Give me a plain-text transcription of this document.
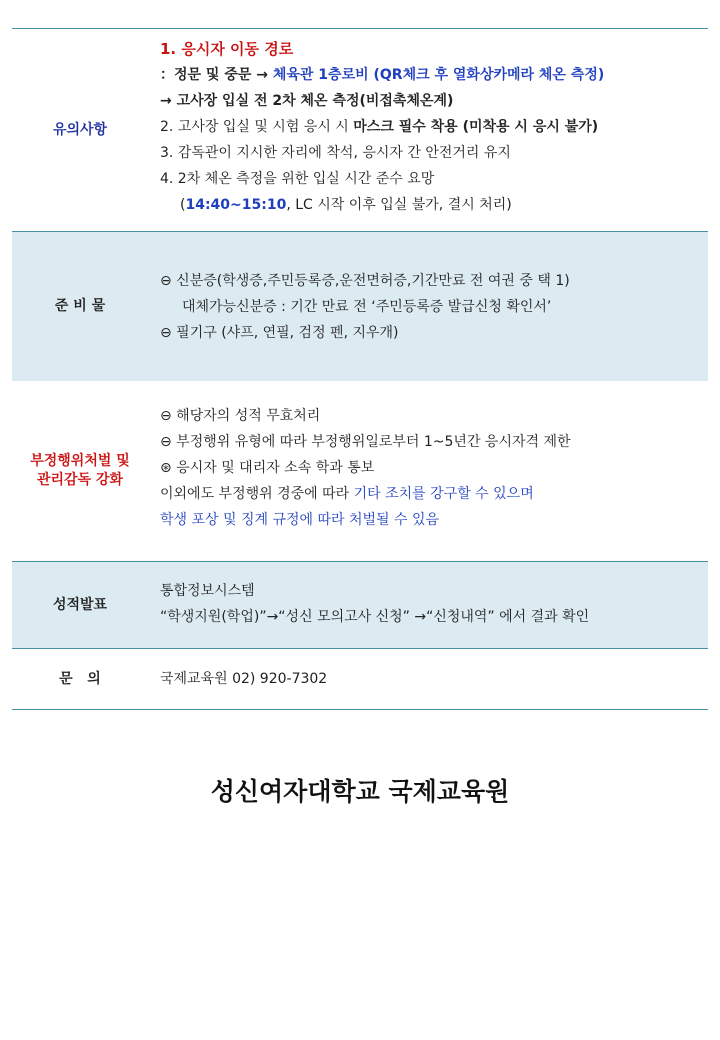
유의사항
1. 응시자 이동 경로
：정문 및 중문 → 체육관 1층로비 (QR체크 후 열화상카메라 체온 측정)
→ 고사장 입실 전 2차 체온 측정(비접촉체온계)
2. 고사장 입실 및 시험 응시 시 마스크 필수 착용 (미착용 시 응시 불가)
3. 감독관이 지시한 자리에 착석, 응시자 간 안전거리 유지
4. 2차 체온 측정을 위한 입실 시간 준수 요망
(14:40~15:10, LC 시작 이후 입실 불가, 결시 처리)
준 비 물
⊖ 신분증(학생증,주민등록증,운전면허증,기간만료 전 여권 중 택 1)
대체가능신분증 : 기간 만료 전 ‘주민등록증 발급신청 확인서’
⊖ 필기구 (샤프, 연필, 검정 펜, 지우개)
부정행위처벌 및
관리감독 강화
⊖ 해당자의 성적 무효처리
⊖ 부정행위 유형에 따라 부정행위일로부터 1~5년간 응시자격 제한
⊛ 응시자 및 대리자 소속 학과 통보
이외에도 부정행위 경중에 따라 기타 조치를 강구할 수 있으며
학생 포상 및 징계 규정에 따라 처벌될 수 있음
성적발표
통합정보시스템
“학생지원(학업)”→“성신 모의고사 신청” →“신청내역” 에서 결과 확인
문   의	국제교육원 02) 920-7302
성신여자대학교 국제교육원
